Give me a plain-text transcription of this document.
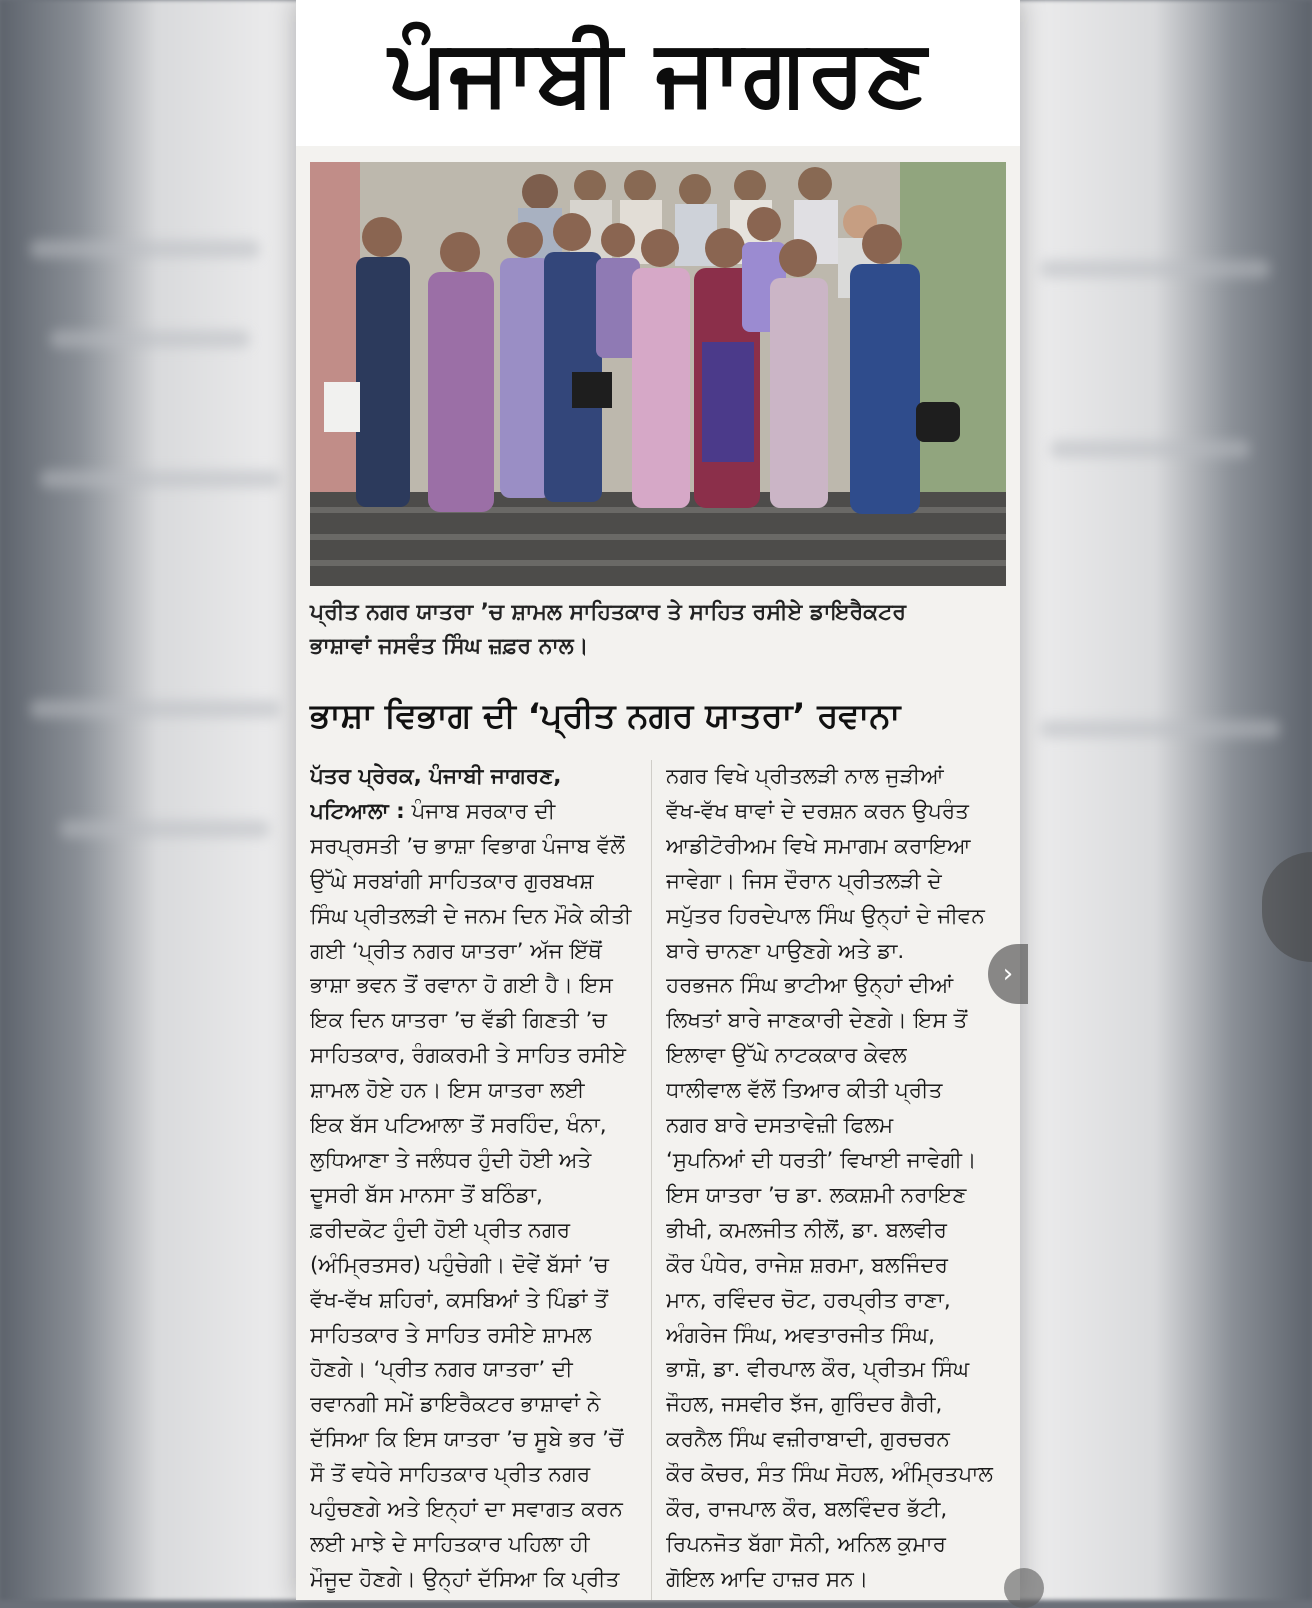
ਪੰਜਾਬੀ ਜਾਗਰਣ
ਪ੍ਰੀਤ ਨਗਰ ਯਾਤਰਾ ’ਚ ਸ਼ਾਮਲ ਸਾਹਿਤਕਾਰ ਤੇ ਸਾਹਿਤ ਰਸੀਏ ਡਾਇਰੈਕਟਰ
ਭਾਸ਼ਾਵਾਂ ਜਸਵੰਤ ਸਿੰਘ ਜ਼ਫ਼ਰ ਨਾਲ।
ਭਾਸ਼ਾ ਵਿਭਾਗ ਦੀ ‘ਪ੍ਰੀਤ ਨਗਰ ਯਾਤਰਾ’ ਰਵਾਨਾ
ਪੱਤਰ ਪ੍ਰੇਰਕ, ਪੰਜਾਬੀ ਜਾਗਰਣ,
ਪਟਿਆਲਾ : ਪੰਜਾਬ ਸਰਕਾਰ ਦੀ
ਸਰਪ੍ਰਸਤੀ ’ਚ ਭਾਸ਼ਾ ਵਿਭਾਗ ਪੰਜਾਬ ਵੱਲੋਂ
ਉੱਘੇ ਸਰਬਾਂਗੀ ਸਾਹਿਤਕਾਰ ਗੁਰਬਖਸ਼
ਸਿੰਘ ਪ੍ਰੀਤਲੜੀ ਦੇ ਜਨਮ ਦਿਨ ਮੌਕੇ ਕੀਤੀ
ਗਈ ‘ਪ੍ਰੀਤ ਨਗਰ ਯਾਤਰਾ’ ਅੱਜ ਇੱਥੋਂ
ਭਾਸ਼ਾ ਭਵਨ ਤੋਂ ਰਵਾਨਾ ਹੋ ਗਈ ਹੈ। ਇਸ
ਇਕ ਦਿਨ ਯਾਤਰਾ ’ਚ ਵੱਡੀ ਗਿਣਤੀ ’ਚ
ਸਾਹਿਤਕਾਰ, ਰੰਗਕਰਮੀ ਤੇ ਸਾਹਿਤ ਰਸੀਏ
ਸ਼ਾਮਲ ਹੋਏ ਹਨ। ਇਸ ਯਾਤਰਾ ਲਈ
ਇਕ ਬੱਸ ਪਟਿਆਲਾ ਤੋਂ ਸਰਹਿੰਦ, ਖੰਨਾ,
ਲੁਧਿਆਣਾ ਤੇ ਜਲੰਧਰ ਹੁੰਦੀ ਹੋਈ ਅਤੇ
ਦੂਸਰੀ ਬੱਸ ਮਾਨਸਾ ਤੋਂ ਬਠਿੰਡਾ,
ਫ਼ਰੀਦਕੋਟ ਹੁੰਦੀ ਹੋਈ ਪ੍ਰੀਤ ਨਗਰ
(ਅੰਮ੍ਰਿਤਸਰ) ਪਹੁੰਚੇਗੀ। ਦੋਵੇਂ ਬੱਸਾਂ ’ਚ
ਵੱਖ-ਵੱਖ ਸ਼ਹਿਰਾਂ, ਕਸਬਿਆਂ ਤੇ ਪਿੰਡਾਂ ਤੋਂ
ਸਾਹਿਤਕਾਰ ਤੇ ਸਾਹਿਤ ਰਸੀਏ ਸ਼ਾਮਲ
ਹੋਣਗੇ। ‘ਪ੍ਰੀਤ ਨਗਰ ਯਾਤਰਾ’ ਦੀ
ਰਵਾਨਗੀ ਸਮੇਂ ਡਾਇਰੈਕਟਰ ਭਾਸ਼ਾਵਾਂ ਨੇ
ਦੱਸਿਆ ਕਿ ਇਸ ਯਾਤਰਾ ’ਚ ਸੂਬੇ ਭਰ ’ਚੋਂ
ਸੌ ਤੋਂ ਵਧੇਰੇ ਸਾਹਿਤਕਾਰ ਪ੍ਰੀਤ ਨਗਰ
ਪਹੁੰਚਣਗੇ ਅਤੇ ਇਨ੍ਹਾਂ ਦਾ ਸਵਾਗਤ ਕਰਨ
ਲਈ ਮਾਝੇ ਦੇ ਸਾਹਿਤਕਾਰ ਪਹਿਲਾ ਹੀ
ਮੌਜੂਦ ਹੋਣਗੇ। ਉਨ੍ਹਾਂ ਦੱਸਿਆ ਕਿ ਪ੍ਰੀਤ
ਨਗਰ ਵਿਖੇ ਪ੍ਰੀਤਲੜੀ ਨਾਲ ਜੁੜੀਆਂ
ਵੱਖ-ਵੱਖ ਥਾਵਾਂ ਦੇ ਦਰਸ਼ਨ ਕਰਨ ਉਪਰੰਤ
ਆਡੀਟੋਰੀਅਮ ਵਿਖੇ ਸਮਾਗਮ ਕਰਾਇਆ
ਜਾਵੇਗਾ। ਜਿਸ ਦੌਰਾਨ ਪ੍ਰੀਤਲੜੀ ਦੇ
ਸਪੁੱਤਰ ਹਿਰਦੇਪਾਲ ਸਿੰਘ ਉਨ੍ਹਾਂ ਦੇ ਜੀਵਨ
ਬਾਰੇ ਚਾਨਣਾ ਪਾਉਣਗੇ ਅਤੇ ਡਾ.
ਹਰਭਜਨ ਸਿੰਘ ਭਾਟੀਆ ਉਨ੍ਹਾਂ ਦੀਆਂ
ਲਿਖਤਾਂ ਬਾਰੇ ਜਾਣਕਾਰੀ ਦੇਣਗੇ। ਇਸ ਤੋਂ
ਇਲਾਵਾ ਉੱਘੇ ਨਾਟਕਕਾਰ ਕੇਵਲ
ਧਾਲੀਵਾਲ ਵੱਲੋਂ ਤਿਆਰ ਕੀਤੀ ਪ੍ਰੀਤ
ਨਗਰ ਬਾਰੇ ਦਸਤਾਵੇਜ਼ੀ ਫਿਲਮ
‘ਸੁਪਨਿਆਂ ਦੀ ਧਰਤੀ’ ਵਿਖਾਈ ਜਾਵੇਗੀ।
ਇਸ ਯਾਤਰਾ ’ਚ ਡਾ. ਲਕਸ਼ਮੀ ਨਰਾਇਣ
ਭੀਖੀ, ਕਮਲਜੀਤ ਨੀਲੋਂ, ਡਾ. ਬਲਵੀਰ
ਕੌਰ ਪੰਧੇਰ, ਰਾਜੇਸ਼ ਸ਼ਰਮਾ, ਬਲਜਿੰਦਰ
ਮਾਨ, ਰਵਿੰਦਰ ਚੋਟ, ਹਰਪ੍ਰੀਤ ਰਾਣਾ,
ਅੰਗਰੇਜ ਸਿੰਘ, ਅਵਤਾਰਜੀਤ ਸਿੰਘ,
ਭਾਸ਼ੋ, ਡਾ. ਵੀਰਪਾਲ ਕੌਰ, ਪ੍ਰੀਤਮ ਸਿੰਘ
ਜੌਹਲ, ਜਸਵੀਰ ਝੱਜ, ਗੁਰਿੰਦਰ ਗੈਰੀ,
ਕਰਨੈਲ ਸਿੰਘ ਵਜ਼ੀਰਾਬਾਦੀ, ਗੁਰਚਰਨ
ਕੌਰ ਕੋਚਰ, ਸੰਤ ਸਿੰਘ ਸੋਹਲ, ਅੰਮ੍ਰਿਤਪਾਲ
ਕੌਰ, ਰਾਜਪਾਲ ਕੌਰ, ਬਲਵਿੰਦਰ ਭੱਟੀ,
ਰਿਪਨਜੋਤ ਬੱਗਾ ਸੋਨੀ, ਅਨਿਲ ਕੁਮਾਰ
ਗੋਇਲ ਆਦਿ ਹਾਜ਼ਰ ਸਨ।
›
